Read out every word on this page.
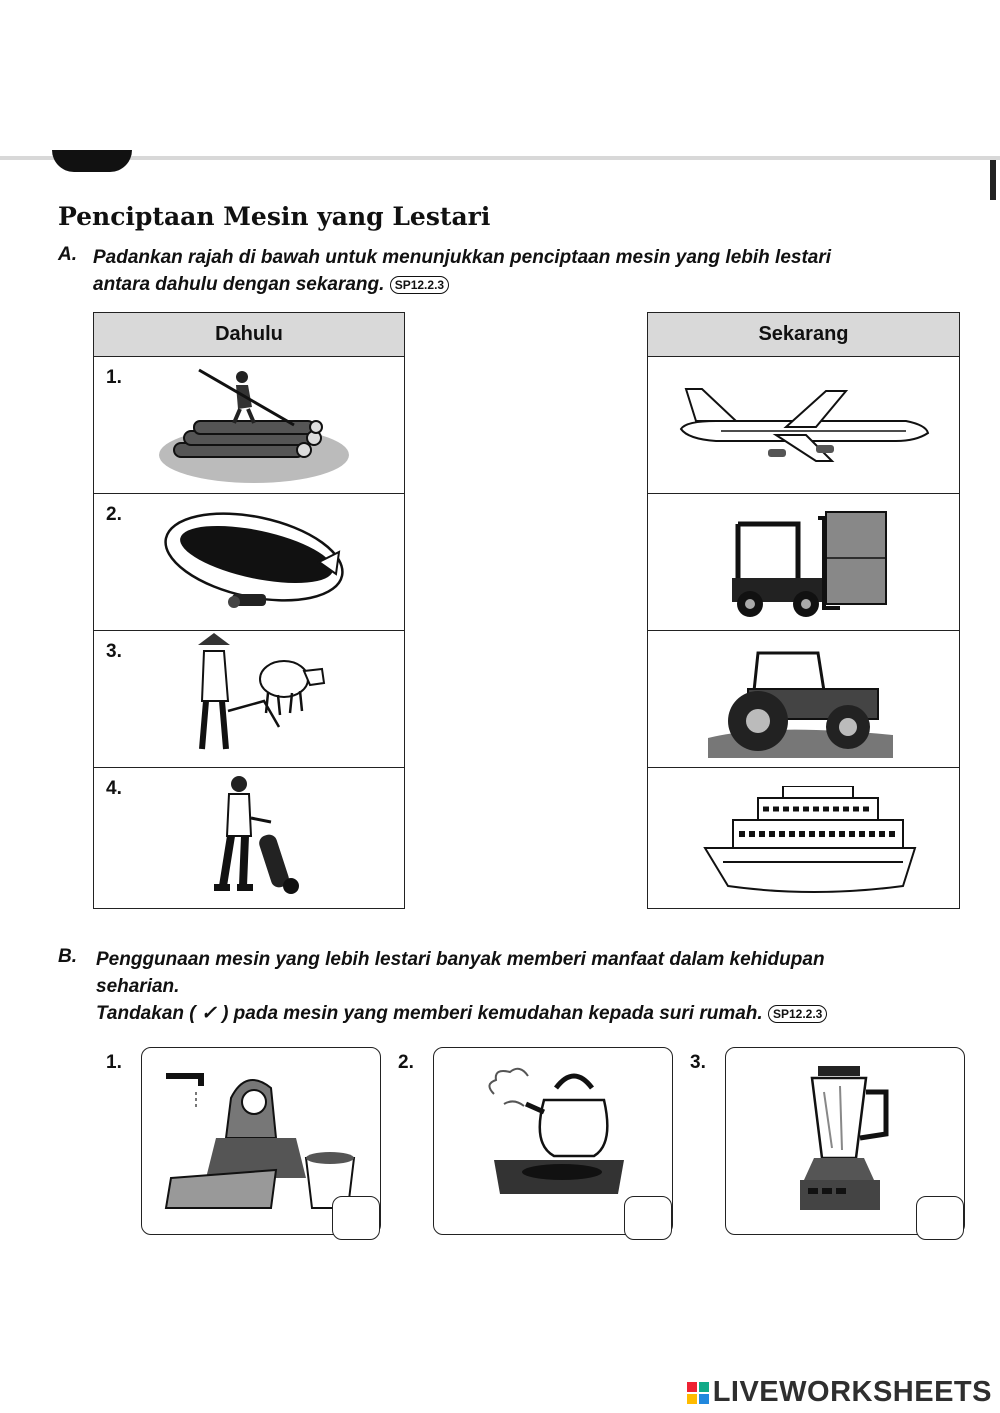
Penciptaan Mesin yang Lestari
A. Padankan rajah di bawah untuk menunjukkan penciptaan mesin yang lebih lestari
antara dahulu dengan sekarang. SP12.2.3
Dahulu
1.
2.
3.
4.
Sekarang
B. Penggunaan mesin yang lebih lestari banyak memberi manfaat dalam kehidupan
seharian.
Tandakan ( ✓ ) pada mesin yang memberi kemudahan kepada suri rumah. SP12.2.3
1.	2.	3.
LIVEWORKSHEETS
